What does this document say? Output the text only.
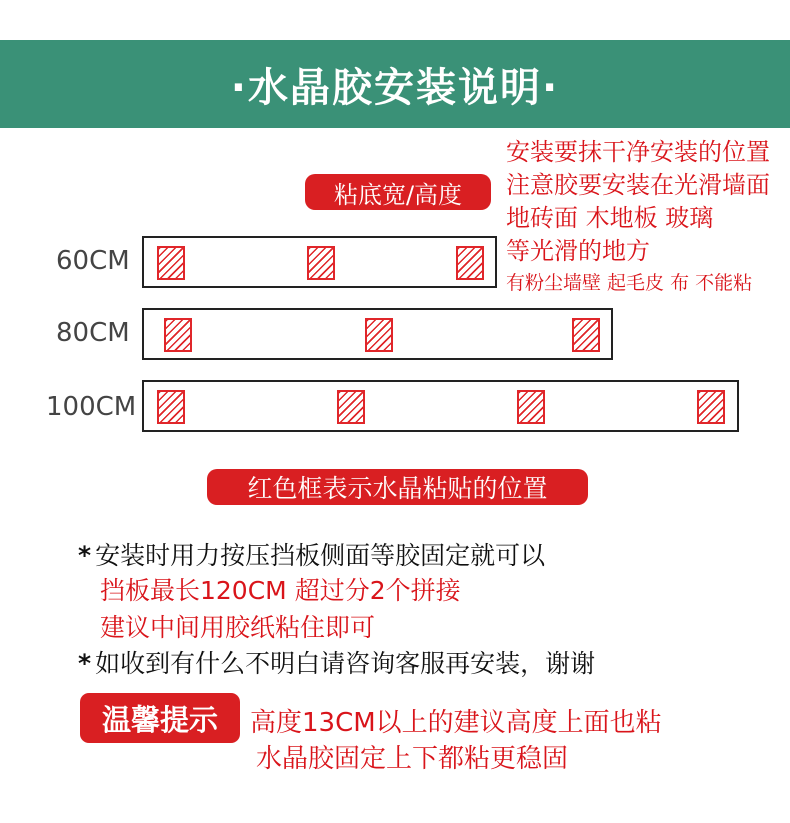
·水晶胶安装说明·
粘底宽/高度
安装要抹干净安装的位置
注意胶要安装在光滑墙面
地砖面 木地板 玻璃
等光滑的地方
有粉尘墙壁 起毛皮 布 不能粘
60CM
80CM
100CM
红色框表示水晶粘贴的位置
* 安装时用力按压挡板侧面等胶固定就可以
挡板最长120CM 超过分2个拼接
建议中间用胶纸粘住即可
* 如收到有什么不明白请咨询客服再安装，谢谢
温馨提示	高度13CM以上的建议高度上面也粘
水晶胶固定上下都粘更稳固
